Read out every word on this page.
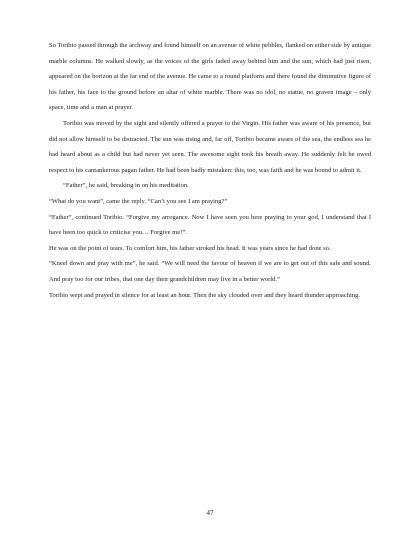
So Toribio passed through the archway and found himself on an avenue of white pebbles, flanked on either side by antique marble columns. He walked slowly, as the voices of the girls faded away behind him and the sun, which had just risen, appeared on the horizon at the far end of the avenue. He came to a round platform and there found the diminutive figure of his father, his face to the ground before an altar of white marble. There was no idol, no statue, no graven image – only space, time and a man at prayer.

Toribio was moved by the sight and silently offered a prayer to the Virgin. His father was aware of his presence, but did not allow himself to be distracted. The sun was rising and, far off, Toribio became aware of the sea, the endless sea he had heard about as a child but had never yet seen. The awesome sight took his breath away. He suddenly felt he owed respect to his cantankerous pagan father. He had been badly mistaken: this, too, was faith and he was bound to admit it.

“Father”, he said, breaking in on his meditation.

“What do you want”, came the reply. “Can’t you see I am praying?”

“Father”, continued Toribio. “Forgive my arrogance. Now I have seen you here praying to your god, I understand that I have been too quick to criticise you… Forgive me!”.

He was on the point of tears. To comfort him, his father stroked his head. It was years since he had done so.

“Kneel down and pray with me”, he said. “We will need the favour of heaven if we are to get out of this safe and sound. And pray too for our tribes, that one day their grandchildren may live in a better world.”

Toribio wept and prayed in silence for at least an hour. Then the sky clouded over and they heard thunder approaching.

47
